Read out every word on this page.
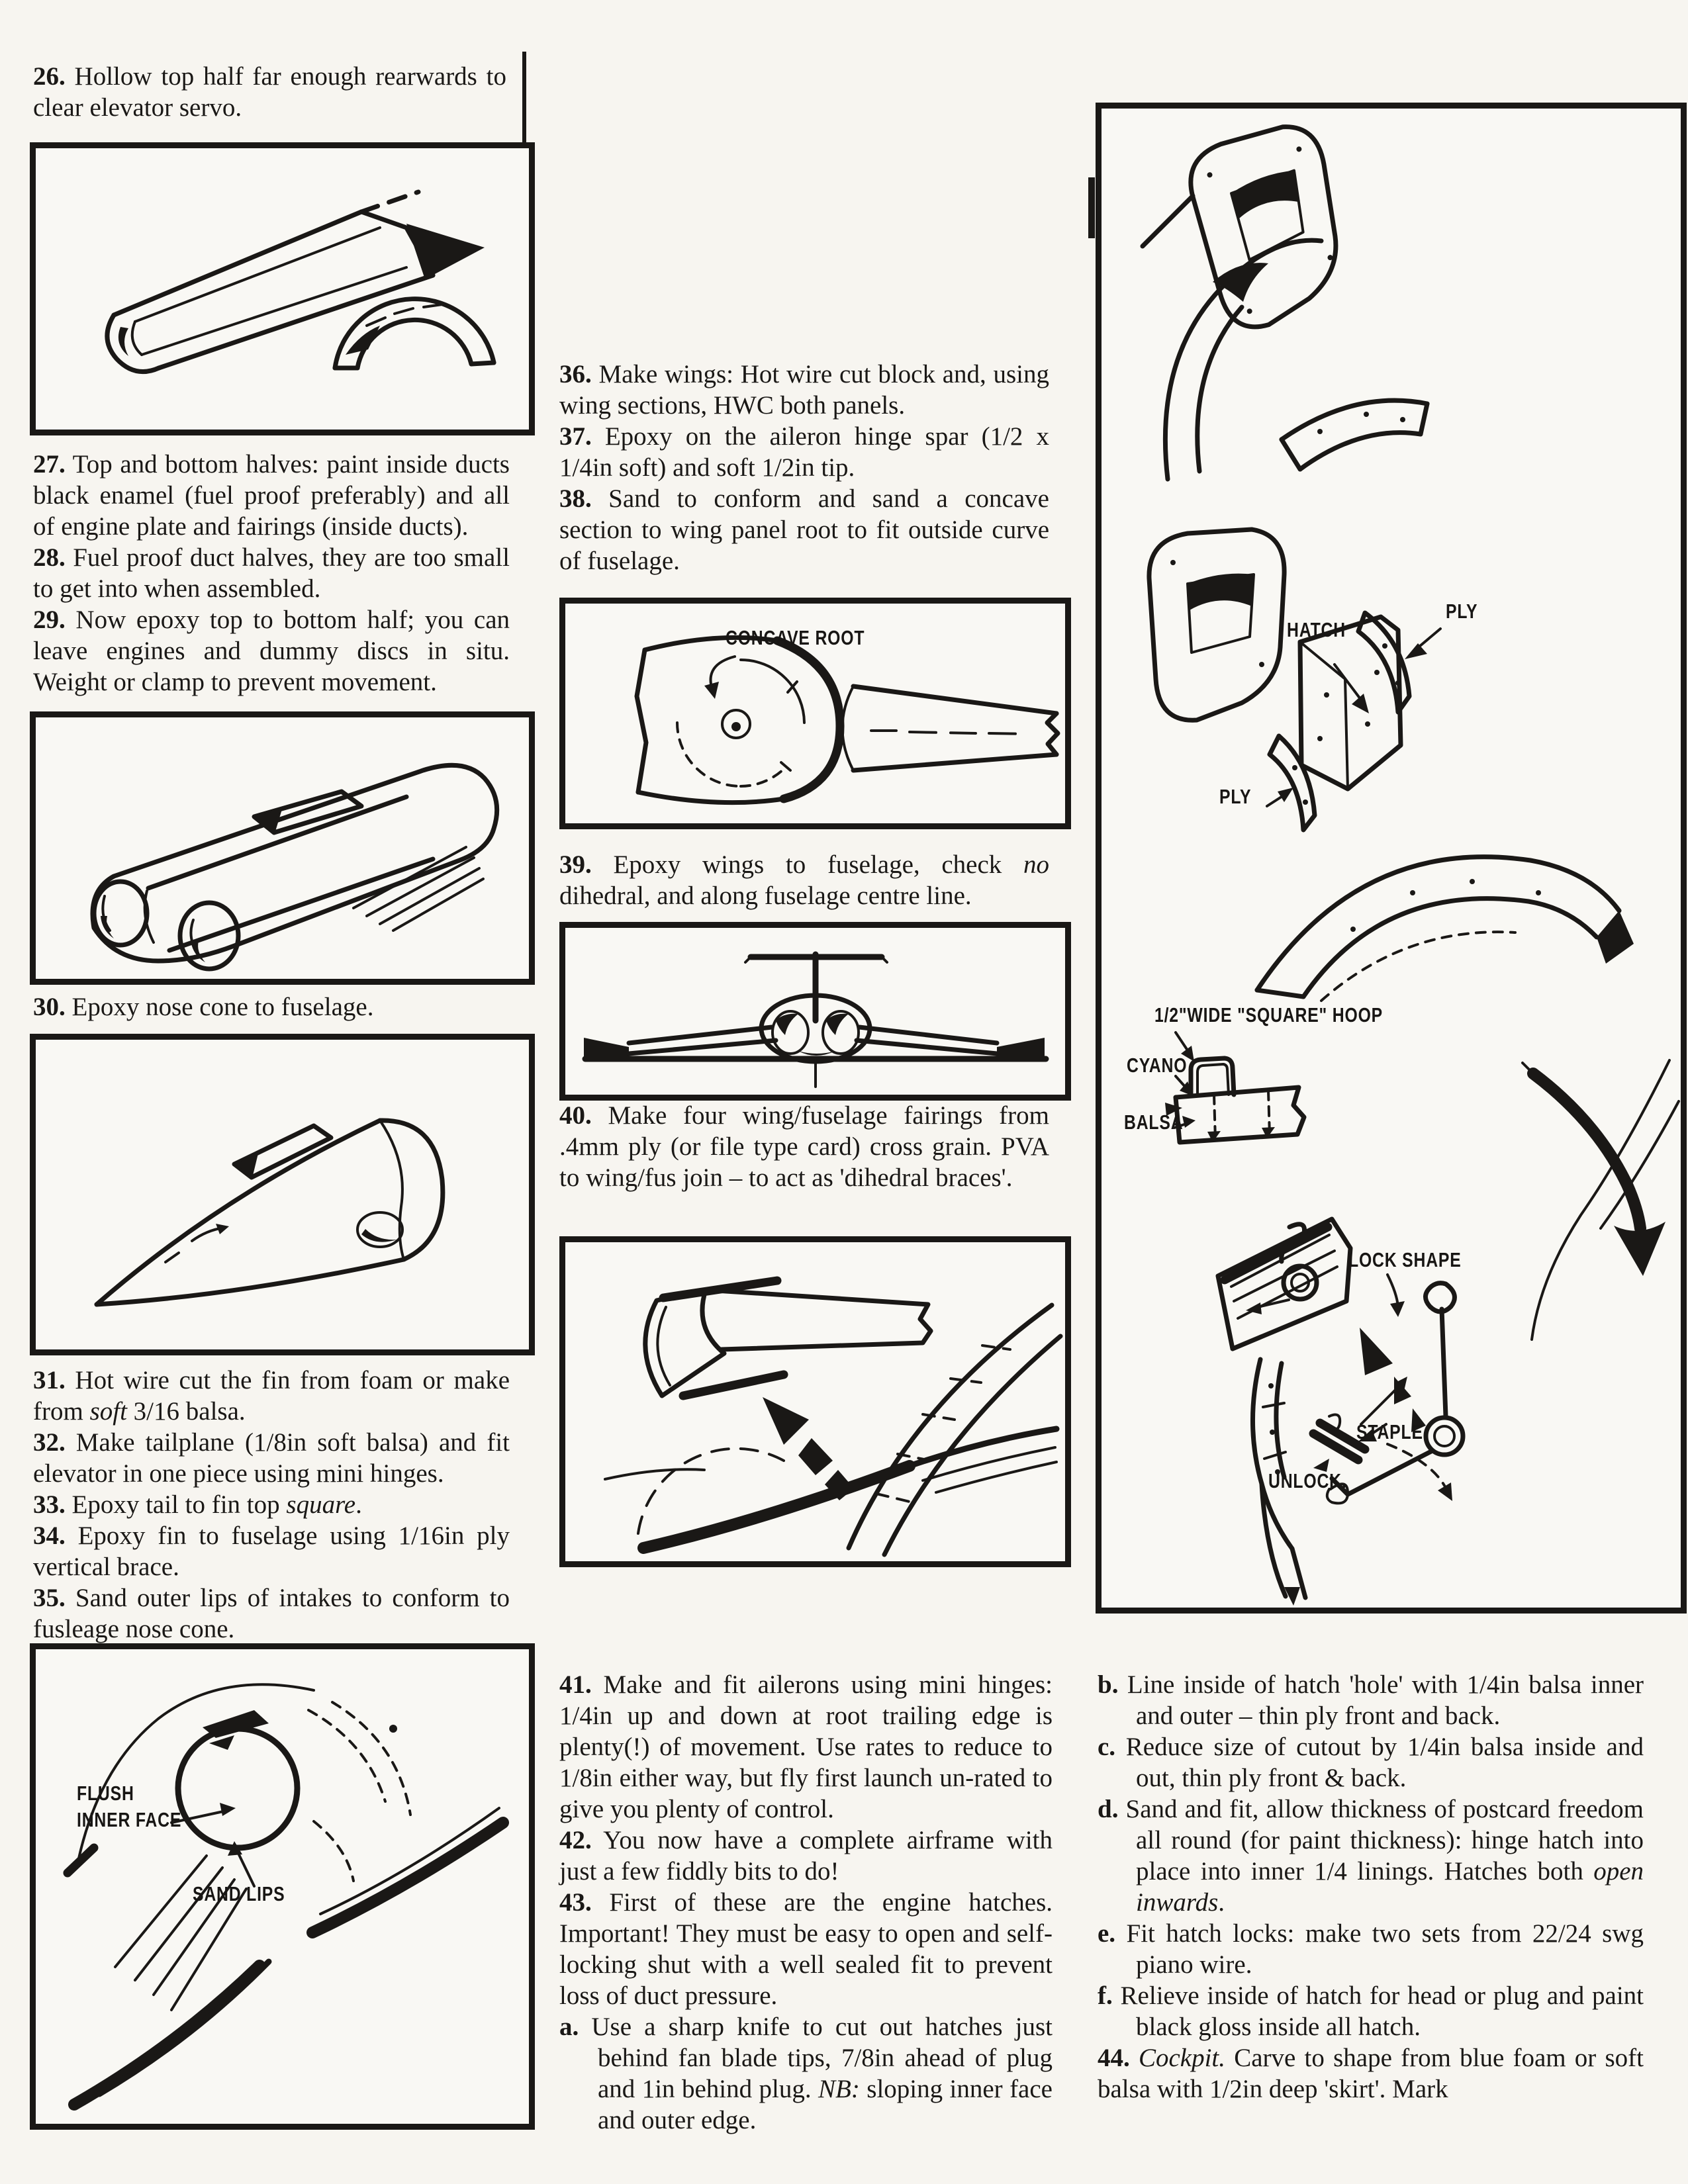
26. Hollow top half far enough rearwards to clear elevator servo.

27. Top and bottom halves: paint inside ducts black enamel (fuel proof preferably) and all of engine plate and fairings (inside ducts).

28. Fuel proof duct halves, they are too small to get into when assembled.

29. Now epoxy top to bottom half; you can leave engines and dummy discs in situ. Weight or clamp to prevent movement.

30. Epoxy nose cone to fuselage.

31. Hot wire cut the fin from foam or make from soft 3/16 balsa.

32. Make tailplane (1/8in soft balsa) and fit elevator in one piece using mini hinges.

33. Epoxy tail to fin top square.

34. Epoxy fin to fuselage using 1/16in ply vertical brace.

35. Sand outer lips of intakes to conform to fusleage nose cone.

FLUSH
INNER FACE
SAND LIPS

36. Make wings: Hot wire cut block and, using wing sections, HWC both panels.

37. Epoxy on the aileron hinge spar (1/2 x 1/4in soft) and soft 1/2in tip.

38. Sand to conform and sand a concave section to wing panel root to fit outside curve of fuselage.

CONCAVE ROOT

39. Epoxy wings to fuselage, check no dihedral, and along fuselage centre line.

40. Make four wing/fuselage fairings from .4mm ply (or file type card) cross grain. PVA to wing/fus join – to act as 'dihedral braces'.

41. Make and fit ailerons using mini hinges: 1/4in up and down at root trailing edge is plenty(!) of movement. Use rates to reduce to 1/8in either way, but fly first launch un-rated to give you plenty of control.

42. You now have a complete airframe with just a few fiddly bits to do!

43. First of these are the engine hatches. Important! They must be easy to open and self-locking shut with a well sealed fit to prevent loss of duct pressure.

a. Use a sharp knife to cut out hatches just behind fan blade tips, 7/8in ahead of plug and 1in behind plug. NB: sloping inner face and outer edge.

HATCH
PLY
PLY
1/2"WIDE "SQUARE" HOOP
CYANO
BALSA
LOCK SHAPE
STAPLE
UNLOCK.

b. Line inside of hatch 'hole' with 1/4in balsa inner and outer – thin ply front and back.

c. Reduce size of cutout by 1/4in balsa inside and out, thin ply front & back.

d. Sand and fit, allow thickness of postcard freedom all round (for paint thickness): hinge hatch into place into inner 1/4 linings. Hatches both open inwards.

e. Fit hatch locks: make two sets from 22/24 swg piano wire.

f. Relieve inside of hatch for head or plug and paint black gloss inside all hatch.

44. Cockpit. Carve to shape from blue foam or soft balsa with 1/2in deep 'skirt'. Mark
